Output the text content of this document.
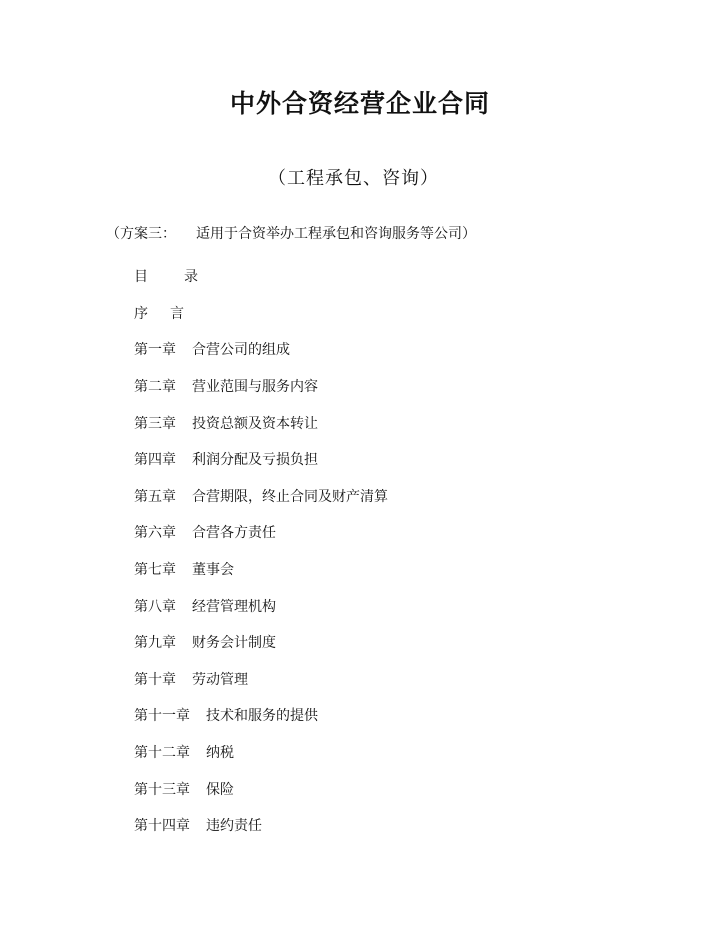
中外合资经营企业合同
（工程承包、咨询）
（方案三： 适用于合资举办工程承包和咨询服务等公司）
目	录
序 言
第一章 合营公司的组成
第二章 营业范围与服务内容
第三章 投资总额及资本转让
第四章 利润分配及亏损负担
第五章 合营期限，终止合同及财产清算
第六章 合营各方责任
第七章 董事会
第八章 经营管理机构
第九章 财务会计制度
第十章 劳动管理
第十一章 技术和服务的提供
第十二章 纳税
第十三章 保险
第十四章 违约责任
